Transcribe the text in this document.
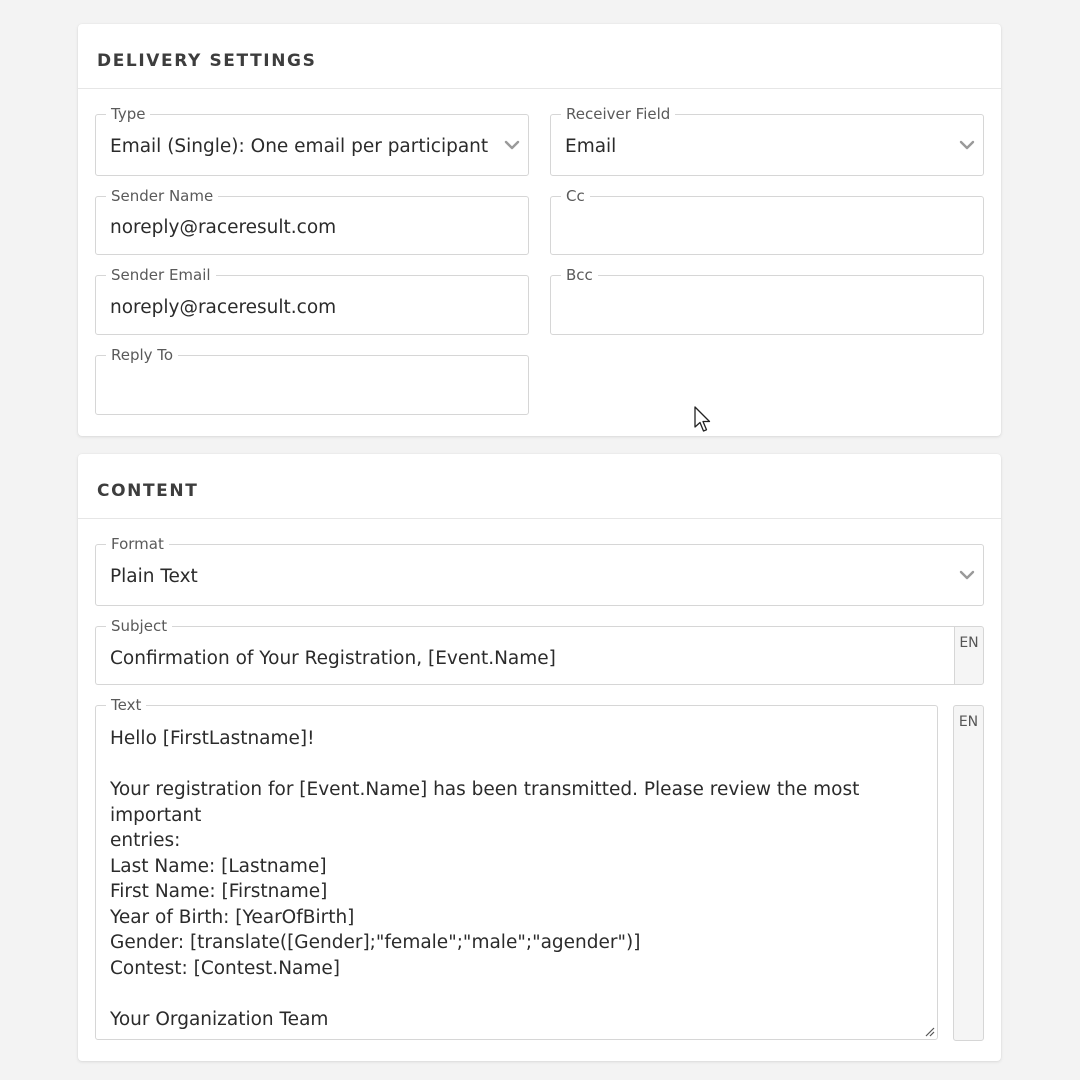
DELIVERY SETTINGS
Type
Email (Single): One email per participant
Receiver Field
Email
Sender Name
noreply@raceresult.com
Cc
Sender Email
noreply@raceresult.com
Bcc
Reply To
CONTENT
Format
Plain Text
Subject
Confirmation of Your Registration, [Event.Name]
EN
Text
Hello [FirstLastname]!
Your registration for [Event.Name] has been transmitted. Please review the most important
entries:
Last Name: [Lastname]
First Name: [Firstname]
Year of Birth: [YearOfBirth]
Gender: [translate([Gender];"female";"male";"agender")]
Contest: [Contest.Name]
Your Organization Team
EN
